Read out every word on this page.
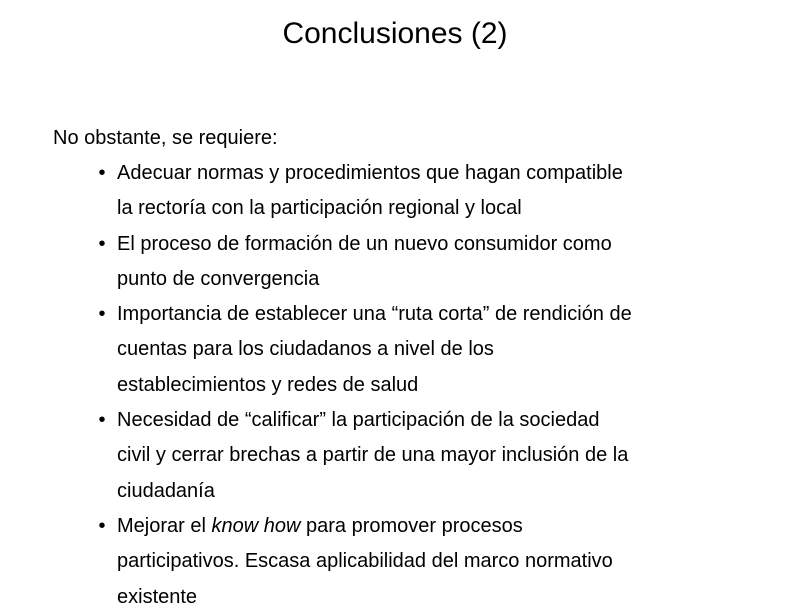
Conclusiones (2)
No obstante, se requiere:
• Adecuar normas y procedimientos que hagan compatible
la rectoría con la participación regional y local
• El proceso de formación de un nuevo consumidor como
punto de convergencia
• Importancia de establecer una “ruta corta” de rendición de
cuentas para los ciudadanos a nivel de los
establecimientos y redes de salud
• Necesidad de “calificar” la participación de la sociedad
civil y cerrar brechas a partir de una mayor inclusión de la
ciudadanía
• Mejorar el know how para promover procesos
participativos. Escasa aplicabilidad del marco normativo
existente
